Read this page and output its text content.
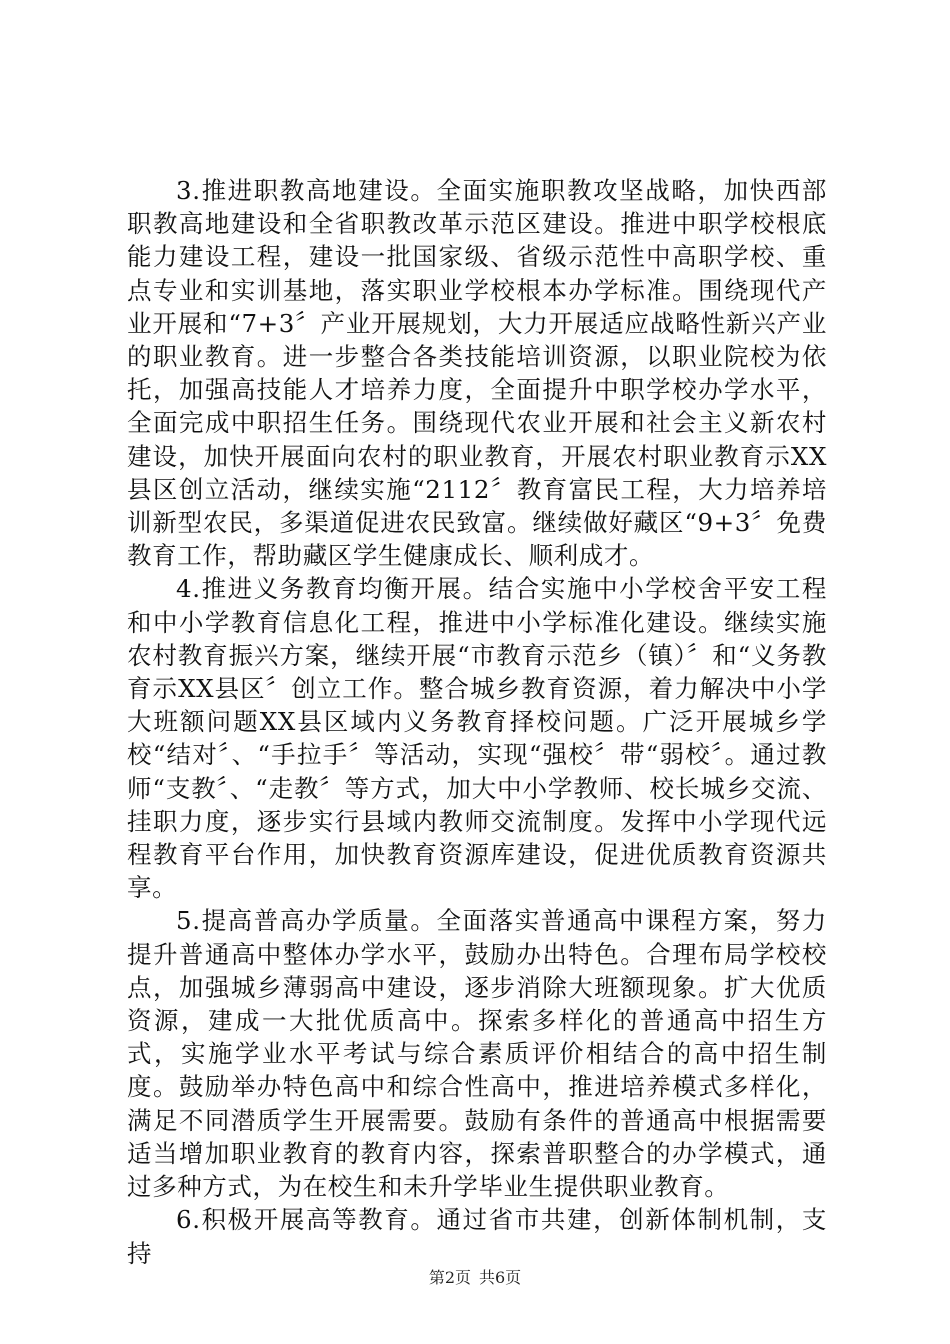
3.推进职教高地建设。全面实施职教攻坚战略，加快西部职教高地建设和全省职教改革示范区建设。推进中职学校根底能力建设工程，建设一批国家级、省级示范性中高职学校、重点专业和实训基地，落实职业学校根本办学标准。围绕现代产业开展和“7+3〞产业开展规划，大力开展适应战略性新兴产业的职业教育。进一步整合各类技能培训资源，以职业院校为依托，加强高技能人才培养力度，全面提升中职学校办学水平，全面完成中职招生任务。围绕现代农业开展和社会主义新农村建设，加快开展面向农村的职业教育，开展农村职业教育示XX县区创立活动，继续实施“2112〞教育富民工程，大力培养培训新型农民，多渠道促进农民致富。继续做好藏区“9+3〞免费教育工作，帮助藏区学生健康成长、顺利成才。

4.推进义务教育均衡开展。结合实施中小学校舍平安工程和中小学教育信息化工程，推进中小学标准化建设。继续实施农村教育振兴方案，继续开展“市教育示范乡（镇）〞和“义务教育示XX县区〞创立工作。整合城乡教育资源，着力解决中小学大班额问题XX县区域内义务教育择校问题。广泛开展城乡学校“结对〞、“手拉手〞等活动，实现“强校〞带“弱校〞。通过教师“支教〞、“走教〞等方式，加大中小学教师、校长城乡交流、挂职力度，逐步实行县域内教师交流制度。发挥中小学现代远程教育平台作用，加快教育资源库建设，促进优质教育资源共享。

5.提高普高办学质量。全面落实普通高中课程方案，努力提升普通高中整体办学水平，鼓励办出特色。合理布局学校校点，加强城乡薄弱高中建设，逐步消除大班额现象。扩大优质资源，建成一大批优质高中。探索多样化的普通高中招生方式，实施学业水平考试与综合素质评价相结合的高中招生制度。鼓励举办特色高中和综合性高中，推进培养模式多样化，满足不同潜质学生开展需要。鼓励有条件的普通高中根据需要适当增加职业教育的教育内容，探索普职整合的办学模式，通过多种方式，为在校生和未升学毕业生提供职业教育。

6.积极开展高等教育。通过省市共建，创新体制机制，支持

第2页 共6页
